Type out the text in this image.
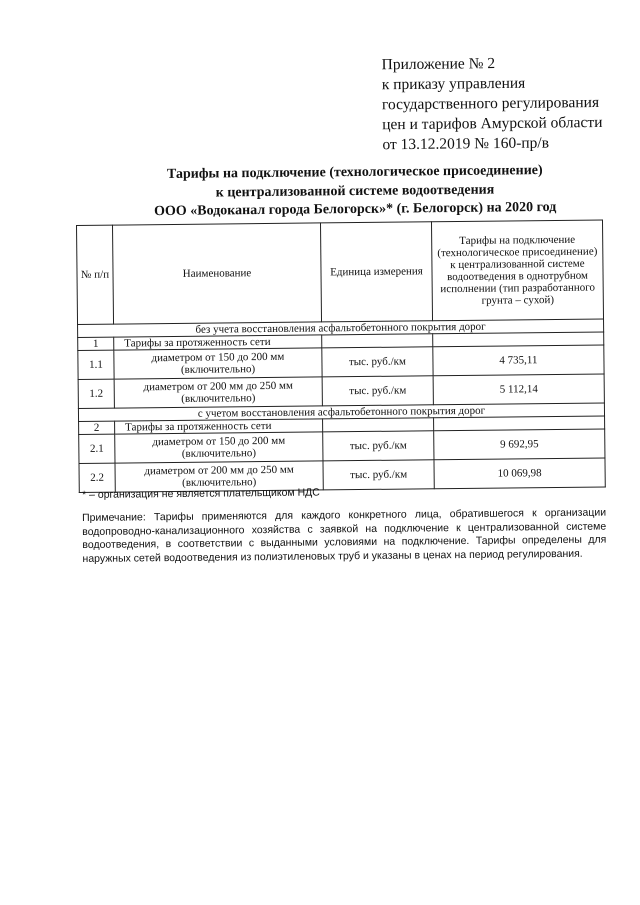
Приложение № 2
к приказу управления
государственного регулирования
цен и тарифов Амурской области
от 13.12.2019 № 160-пр/в
Тарифы на подключение (технологическое присоединение)
к централизованной системе водоотведения
ООО «Водоканал города Белогорск»* (г. Белогорск) на 2020 год
№ п/п	Наименование	Единица измерения	Тарифы на подключение (технологическое присоединение) к централизованной системе водоотведения в однотрубном исполнении (тип разработанного грунта – сухой)
без учета восстановления асфальтобетонного покрытия дорог			
1	Тарифы за протяженность сети		
1.1	диаметром от 150 до 200 мм (включительно)	тыс. руб./км	4 735,11
1.2	диаметром от 200 мм до 250 мм (включительно)	тыс. руб./км	5 112,14
с учетом восстановления асфальтобетонного покрытия дорог			
2	Тарифы за протяженность сети		
2.1	диаметром от 150 до 200 мм (включительно)	тыс. руб./км	9 692,95
2.2	диаметром от 200 мм до 250 мм (включительно)	тыс. руб./км	10 069,98
* – организация не является плательщиком НДС
Примечание: Тарифы применяются для каждого конкретного лица, обратившегося к организации водопроводно-канализационного хозяйства с заявкой на подключение к централизованной системе водоотведения, в соответствии с выданными условиями на подключение. Тарифы определены для наружных сетей водоотведения из полиэтиленовых труб и указаны в ценах на период регулирования.
